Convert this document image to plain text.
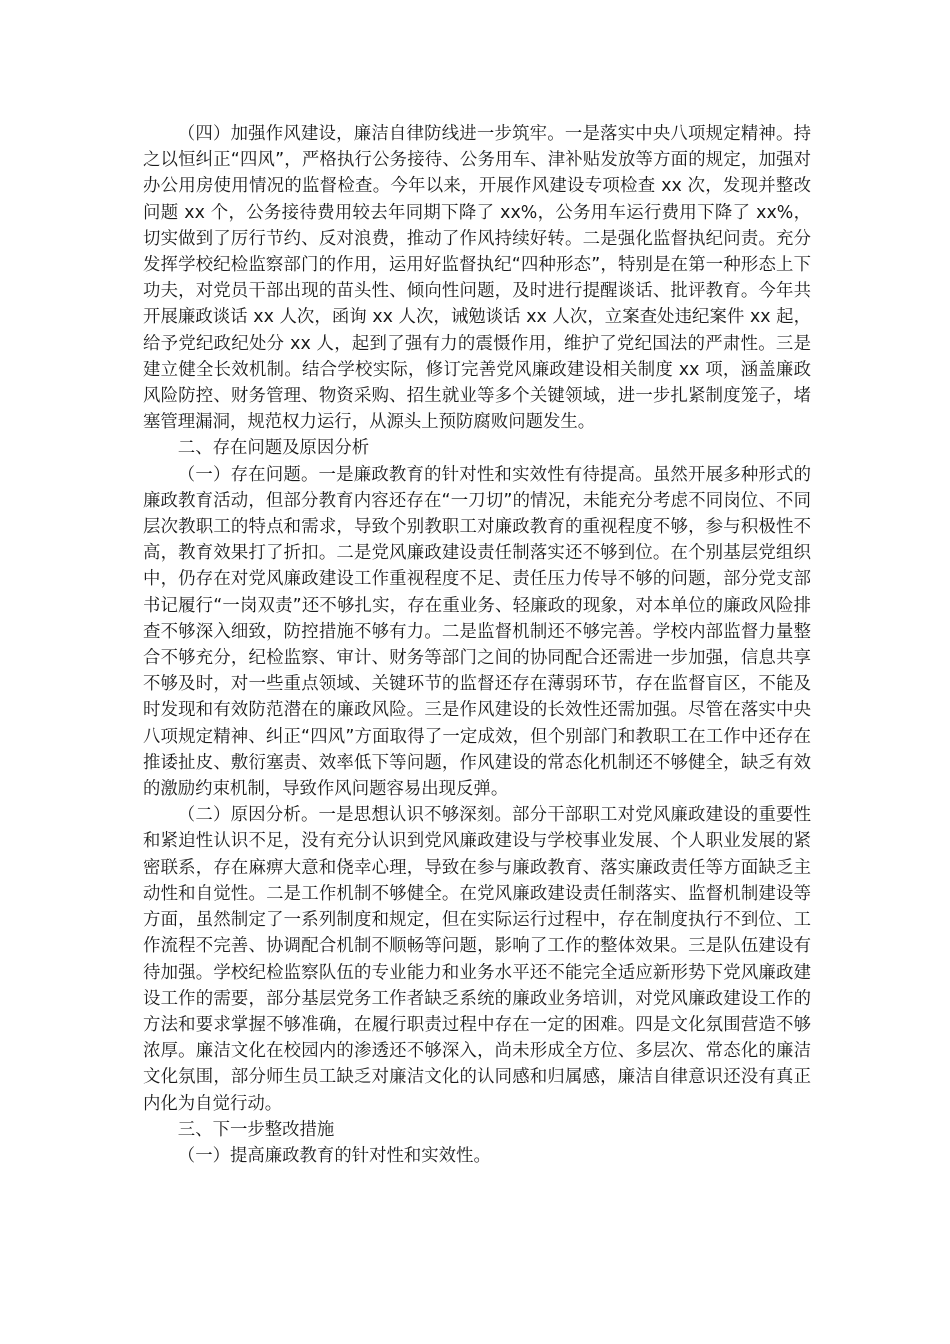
（四）加强作风建设，廉洁自律防线进一步筑牢。一是落实中央八项规定精神。持之以恒纠正“四风”，严格执行公务接待、公务用车、津补贴发放等方面的规定，加强对办公用房使用情况的监督检查。今年以来，开展作风建设专项检查 xx 次，发现并整改问题 xx 个，公务接待费用较去年同期下降了 xx%，公务用车运行费用下降了 xx%，切实做到了厉行节约、反对浪费，推动了作风持续好转。二是强化监督执纪问责。充分发挥学校纪检监察部门的作用，运用好监督执纪“四种形态”，特别是在第一种形态上下功夫，对党员干部出现的苗头性、倾向性问题，及时进行提醒谈话、批评教育。今年共开展廉政谈话 xx 人次，函询 xx 人次，诫勉谈话 xx 人次，立案查处违纪案件 xx 起，给予党纪政纪处分 xx 人，起到了强有力的震慑作用，维护了党纪国法的严肃性。三是建立健全长效机制。结合学校实际，修订完善党风廉政建设相关制度 xx 项，涵盖廉政风险防控、财务管理、物资采购、招生就业等多个关键领域，进一步扎紧制度笼子，堵塞管理漏洞，规范权力运行，从源头上预防腐败问题发生。

二、存在问题及原因分析

（一）存在问题。一是廉政教育的针对性和实效性有待提高。虽然开展多种形式的廉政教育活动，但部分教育内容还存在“一刀切”的情况，未能充分考虑不同岗位、不同层次教职工的特点和需求，导致个别教职工对廉政教育的重视程度不够，参与积极性不高，教育效果打了折扣。二是党风廉政建设责任制落实还不够到位。在个别基层党组织中，仍存在对党风廉政建设工作重视程度不足、责任压力传导不够的问题，部分党支部书记履行“一岗双责”还不够扎实，存在重业务、轻廉政的现象，对本单位的廉政风险排查不够深入细致，防控措施不够有力。二是监督机制还不够完善。学校内部监督力量整合不够充分，纪检监察、审计、财务等部门之间的协同配合还需进一步加强，信息共享不够及时，对一些重点领域、关键环节的监督还存在薄弱环节，存在监督盲区，不能及时发现和有效防范潜在的廉政风险。三是作风建设的长效性还需加强。尽管在落实中央八项规定精神、纠正“四风”方面取得了一定成效，但个别部门和教职工在工作中还存在推诿扯皮、敷衍塞责、效率低下等问题，作风建设的常态化机制还不够健全，缺乏有效的激励约束机制，导致作风问题容易出现反弹。

（二）原因分析。一是思想认识不够深刻。部分干部职工对党风廉政建设的重要性和紧迫性认识不足，没有充分认识到党风廉政建设与学校事业发展、个人职业发展的紧密联系，存在麻痹大意和侥幸心理，导致在参与廉政教育、落实廉政责任等方面缺乏主动性和自觉性。二是工作机制不够健全。在党风廉政建设责任制落实、监督机制建设等方面，虽然制定了一系列制度和规定，但在实际运行过程中，存在制度执行不到位、工作流程不完善、协调配合机制不顺畅等问题，影响了工作的整体效果。三是队伍建设有待加强。学校纪检监察队伍的专业能力和业务水平还不能完全适应新形势下党风廉政建设工作的需要，部分基层党务工作者缺乏系统的廉政业务培训，对党风廉政建设工作的方法和要求掌握不够准确，在履行职责过程中存在一定的困难。四是文化氛围营造不够浓厚。廉洁文化在校园内的渗透还不够深入，尚未形成全方位、多层次、常态化的廉洁文化氛围，部分师生员工缺乏对廉洁文化的认同感和归属感，廉洁自律意识还没有真正内化为自觉行动。

三、下一步整改措施

（一）提高廉政教育的针对性和实效性。
